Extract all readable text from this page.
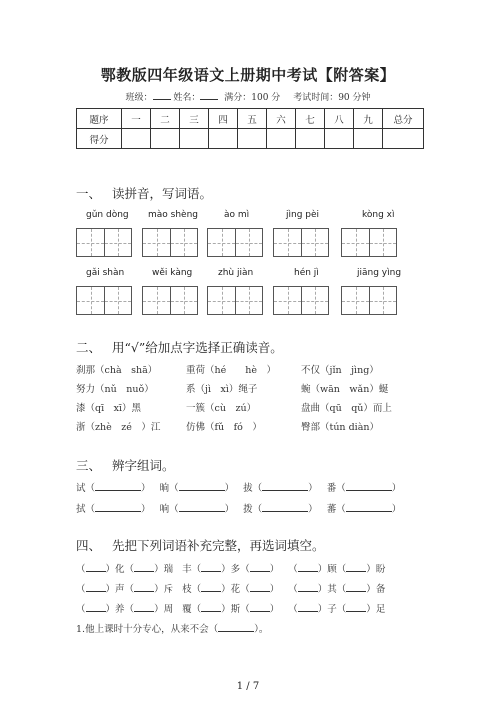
鄂教版四年级语文上册期中考试【附答案】
班级： 姓名：	满分：100 分 考试时间：90 分钟
题序	一	二	三	四	五	六	七	八	九	总分
得分										
一、 读拼音，写词语。
gǔn dòng mào shèng	ào mì	jìng pèi	kòng xì
gǎi shàn	wěi kàng	zhù jiàn	hén jì	jiāng yìng
二、 用“√”给加点字选择正确读音。
刹那（chà　shā）	重荷（hé　　hè　）	不仅（jǐn　jìng）
努力（nǔ　nuǒ）	系（jì　xì）绳子	蜿（wān　wǎn）蜒
漆（qī　xī）黑	一簇（cù　zú）	盘曲（qū　qǔ）而上
浙（zhè　zé　）江	仿佛（fǔ　fó　）	臀部（tún diàn）
三、 辨字组词。
试（	） 晌（	） 拔（	） 番（	）
拭（	） 响（	） 拨（	） 蕃（	）
四、 先把下列词语补充完整，再选词填空。
（ ）化（ ）瑞 丰（ ）多（ ） （ ）顾（ ）盼
（ ）声（ ）斥 枝（ ）花（ ） （ ）其（ ）备
（ ）养（ ）周 覆（ ）斯（ ） （ ）子（ ）足
1.他上课时十分专心，从来不会（	）。
1 / 7
